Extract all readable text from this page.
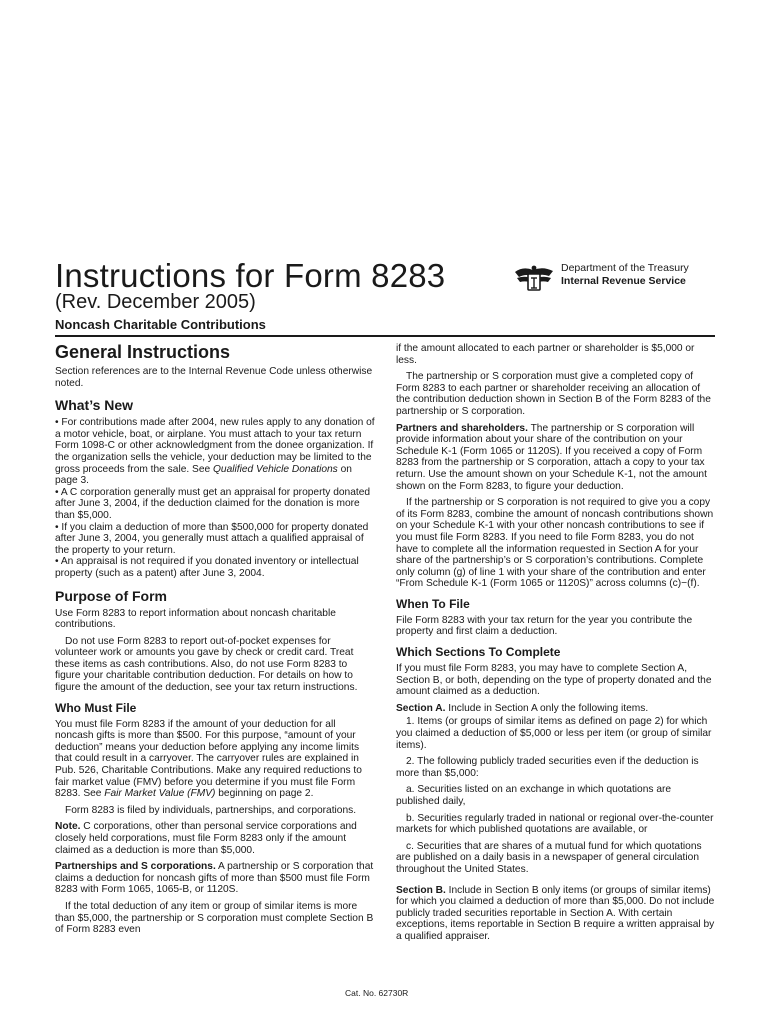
Instructions for Form 8283
(Rev. December 2005)
Noncash Charitable Contributions
Department of the Treasury
Internal Revenue Service
General Instructions

Section references are to the Internal Revenue Code unless otherwise noted.

What’s New

• For contributions made after 2004, new rules apply to any donation of a motor vehicle, boat, or airplane. You must attach to your tax return Form 1098-C or other acknowledgment from the donee organization. If the organization sells the vehicle, your deduction may be limited to the gross proceeds from the sale. See Qualified Vehicle Donations on page 3.

• A C corporation generally must get an appraisal for property donated after June 3, 2004, if the deduction claimed for the donation is more than $5,000.

• If you claim a deduction of more than $500,000 for property donated after June 3, 2004, you generally must attach a qualified appraisal of the property to your return.

• An appraisal is not required if you donated inventory or intellectual property (such as a patent) after June 3, 2004.

Purpose of Form

Use Form 8283 to report information about noncash charitable contributions.

Do not use Form 8283 to report out-of-pocket expenses for volunteer work or amounts you gave by check or credit card. Treat these items as cash contributions. Also, do not use Form 8283 to figure your charitable contribution deduction. For details on how to figure the amount of the deduction, see your tax return instructions.

Who Must File

You must file Form 8283 if the amount of your deduction for all noncash gifts is more than $500. For this purpose, “amount of your deduction” means your deduction before applying any income limits that could result in a carryover. The carryover rules are explained in Pub. 526, Charitable Contributions. Make any required reductions to fair market value (FMV) before you determine if you must file Form 8283. See Fair Market Value (FMV) beginning on page 2.

Form 8283 is filed by individuals, partnerships, and corporations.

Note. C corporations, other than personal service corporations and closely held corporations, must file Form 8283 only if the amount claimed as a deduction is more than $5,000.

Partnerships and S corporations. A partnership or S corporation that claims a deduction for noncash gifts of more than $500 must file Form 8283 with Form 1065, 1065-B, or 1120S.

If the total deduction of any item or group of similar items is more than $5,000, the partnership or S corporation must complete Section B of Form 8283 even

if the amount allocated to each partner or shareholder is $5,000 or less.

The partnership or S corporation must give a completed copy of Form 8283 to each partner or shareholder receiving an allocation of the contribution deduction shown in Section B of the Form 8283 of the partnership or S corporation.

Partners and shareholders. The partnership or S corporation will provide information about your share of the contribution on your Schedule K-1 (Form 1065 or 1120S). If you received a copy of Form 8283 from the partnership or S corporation, attach a copy to your tax return. Use the amount shown on your Schedule K-1, not the amount shown on the Form 8283, to figure your deduction.

If the partnership or S corporation is not required to give you a copy of its Form 8283, combine the amount of noncash contributions shown on your Schedule K-1 with your other noncash contributions to see if you must file Form 8283. If you need to file Form 8283, you do not have to complete all the information requested in Section A for your share of the partnership’s or S corporation’s contributions. Complete only column (g) of line 1 with your share of the contribution and enter “From Schedule K-1 (Form 1065 or 1120S)” across columns (c)−(f).

When To File

File Form 8283 with your tax return for the year you contribute the property and first claim a deduction.

Which Sections To Complete

If you must file Form 8283, you may have to complete Section A, Section B, or both, depending on the type of property donated and the amount claimed as a deduction.

Section A. Include in Section A only the following items.

1. Items (or groups of similar items as defined on page 2) for which you claimed a deduction of $5,000 or less per item (or group of similar items).

2. The following publicly traded securities even if the deduction is more than $5,000:

a. Securities listed on an exchange in which quotations are published daily,

b. Securities regularly traded in national or regional over-the-counter markets for which published quotations are available, or

c. Securities that are shares of a mutual fund for which quotations are published on a daily basis in a newspaper of general circulation throughout the United States.

Section B. Include in Section B only items (or groups of similar items) for which you claimed a deduction of more than $5,000. Do not include publicly traded securities reportable in Section A. With certain exceptions, items reportable in Section B require a written appraisal by a qualified appraiser.

Cat. No. 62730R
